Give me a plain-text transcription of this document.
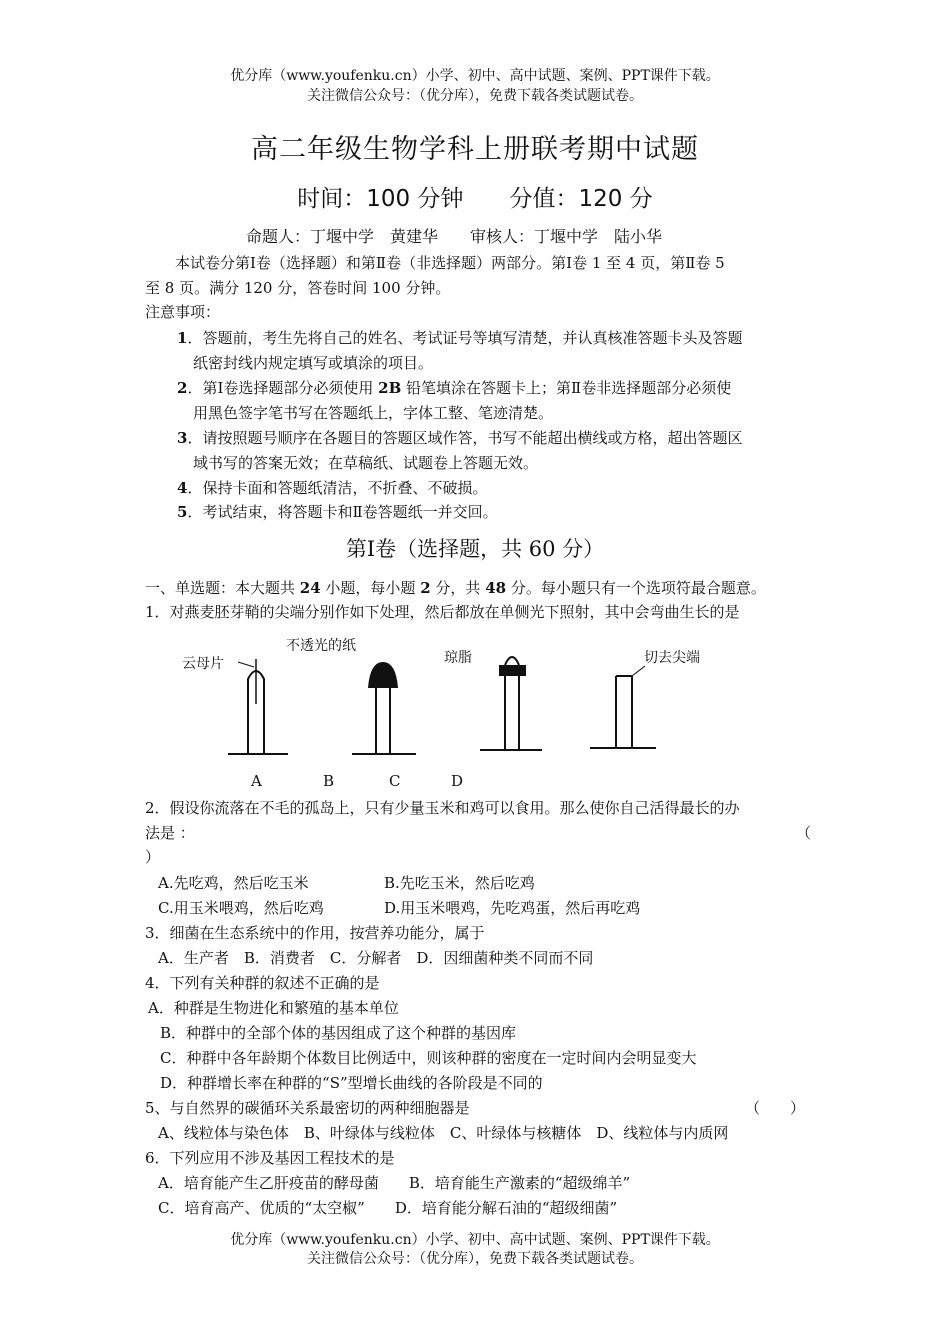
优分库（www.youfenku.cn）小学、初中、高中试题、案例、PPT课件下载。
关注微信公众号：（优分库），免费下载各类试题试卷。
高二年级生物学科上册联考期中试题
时间：100 分钟   分值：120 分
命题人：丁堰中学　黄建华　　审核人：丁堰中学　陆小华
本试卷分第Ⅰ卷（选择题）和第Ⅱ卷（非选择题）两部分。第Ⅰ卷 1 至 4 页，第Ⅱ卷 5
至 8 页。满分 120 分，答卷时间 100 分钟。
注意事项：
1．答题前，考生先将自己的姓名、考试证号等填写清楚，并认真核准答题卡头及答题
纸密封线内规定填写或填涂的项目。
2．第Ⅰ卷选择题部分必须使用 2B 铅笔填涂在答题卡上；第Ⅱ卷非选择题部分必须使
用黑色签字笔书写在答题纸上，字体工整、笔迹清楚。
3．请按照题号顺序在各题目的答题区域作答，书写不能超出横线或方格，超出答题区
域书写的答案无效；在草稿纸、试题卷上答题无效。
4．保持卡面和答题纸清洁，不折叠、不破损。
5．考试结束，将答题卡和Ⅱ卷答题纸一并交回。
第Ⅰ卷（选择题，共 60 分）
一、单选题：本大题共 24 小题，每小题 2 分，共 48 分。每小题只有一个选项符最合题意。
1．对燕麦胚芽鞘的尖端分别作如下处理，然后都放在单侧光下照射，其中会弯曲生长的是
云母片
不透光的纸
琼脂	切去尖端
A	B	C	D
2．假设你流落在不毛的孤岛上，只有少量玉米和鸡可以食用。那么使你自己活得最长的办
法是 ：	（
）
A.先吃鸡，然后吃玉米	B.先吃玉米，然后吃鸡
C.用玉米喂鸡，然后吃鸡	D.用玉米喂鸡，先吃鸡蛋，然后再吃鸡
3．细菌在生态系统中的作用，按营养功能分，属于
A．生产者　B．消费者　C．分解者　D．因细菌种类不同而不同
4．下列有关种群的叙述不正确的是
A．种群是生物进化和繁殖的基本单位
B．种群中的全部个体的基因组成了这个种群的基因库
C．种群中各年龄期个体数目比例适中，则该种群的密度在一定时间内会明显变大
D．种群增长率在种群的“S”型增长曲线的各阶段是不同的
5、与自然界的碳循环关系最密切的两种细胞器是	（　　）
A、线粒体与染色体　B、叶绿体与线粒体　C、叶绿体与核糖体　D、线粒体与内质网
6．下列应用不涉及基因工程技术的是
A．培育能产生乙肝疫苗的酵母菌　　B．培育能生产激素的“超级绵羊”
C．培育高产、优质的“太空椒”　　D．培育能分解石油的“超级细菌”
优分库（www.youfenku.cn）小学、初中、高中试题、案例、PPT课件下载。
关注微信公众号：（优分库），免费下载各类试题试卷。
